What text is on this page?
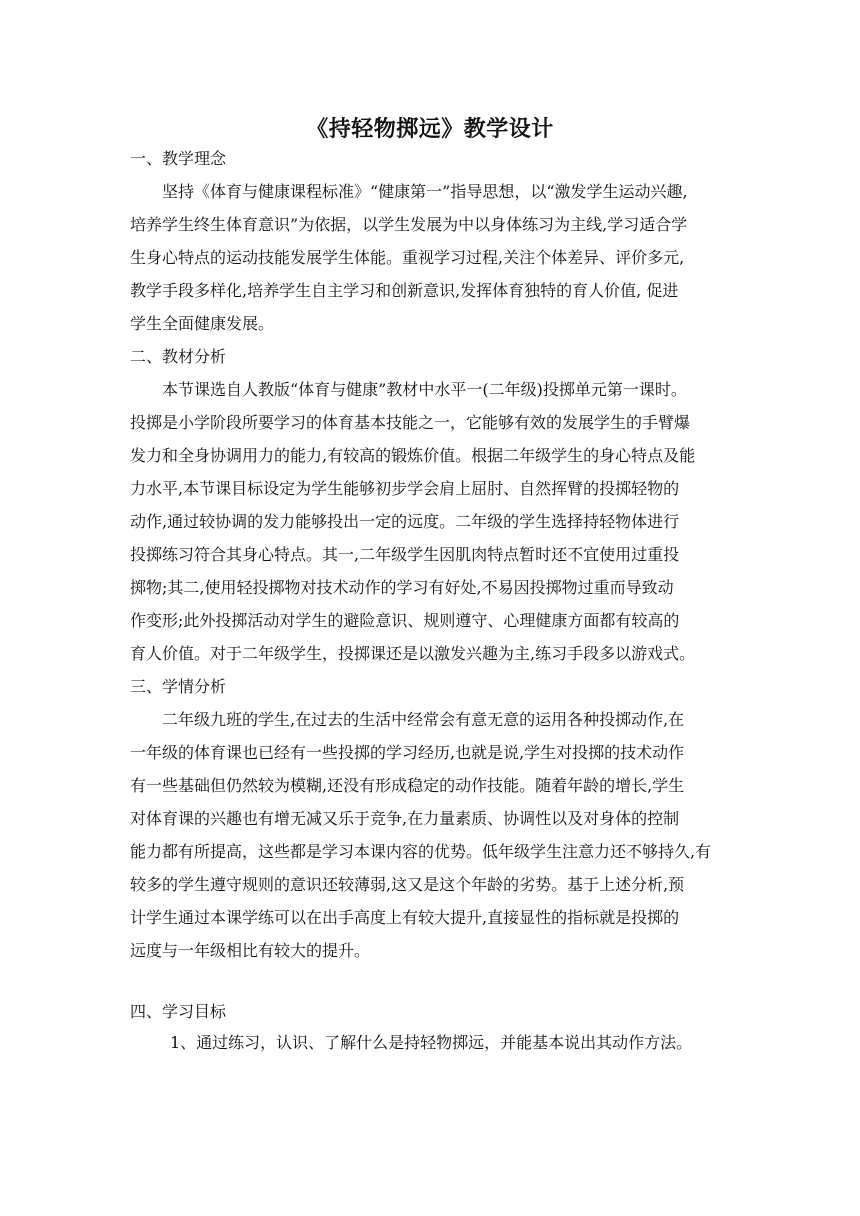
《持轻物掷远》教学设计
一、教学理念
坚持《体育与健康课程标准》“健康第一”指导思想，以“激发学生运动兴趣,
培养学生终生体育意识”为依据，以学生发展为中以身体练习为主线,学习适合学
生身心特点的运动技能发展学生体能。重视学习过程,关注个体差异、评价多元,
教学手段多样化,培养学生自主学习和创新意识,发挥体育独特的育人价值, 促进
学生全面健康发展。
二、教材分析
本节课选自人教版“体育与健康”教材中水平一(二年级)投掷单元第一课时。
投掷是小学阶段所要学习的体育基本技能之一，它能够有效的发展学生的手臂爆
发力和全身协调用力的能力,有较高的锻炼价值。根据二年级学生的身心特点及能
力水平,本节课目标设定为学生能够初步学会肩上屈肘、自然挥臂的投掷轻物的
动作,通过较协调的发力能够投出一定的远度。二年级的学生选择持轻物体进行
投掷练习符合其身心特点。其一,二年级学生因肌肉特点暂时还不宜使用过重投
掷物;其二,使用轻投掷物对技术动作的学习有好处,不易因投掷物过重而导致动
作变形;此外投掷活动对学生的避险意识、规则遵守、心理健康方面都有较高的
育人价值。对于二年级学生，投掷课还是以激发兴趣为主,练习手段多以游戏式。
三、学情分析
二年级九班的学生,在过去的生活中经常会有意无意的运用各种投掷动作,在
一年级的体育课也已经有一些投掷的学习经历,也就是说,学生对投掷的技术动作
有一些基础但仍然较为模糊,还没有形成稳定的动作技能。随着年龄的增长,学生
对体育课的兴趣也有增无减又乐于竞争,在力量素质、协调性以及对身体的控制
能力都有所提高，这些都是学习本课内容的优势。低年级学生注意力还不够持久,有
较多的学生遵守规则的意识还较薄弱,这又是这个年龄的劣势。基于上述分析,预
计学生通过本课学练可以在出手高度上有较大提升,直接显性的指标就是投掷的
远度与一年级相比有较大的提升。
四、学习目标
1、通过练习，认识、了解什么是持轻物掷远，并能基本说出其动作方法。
